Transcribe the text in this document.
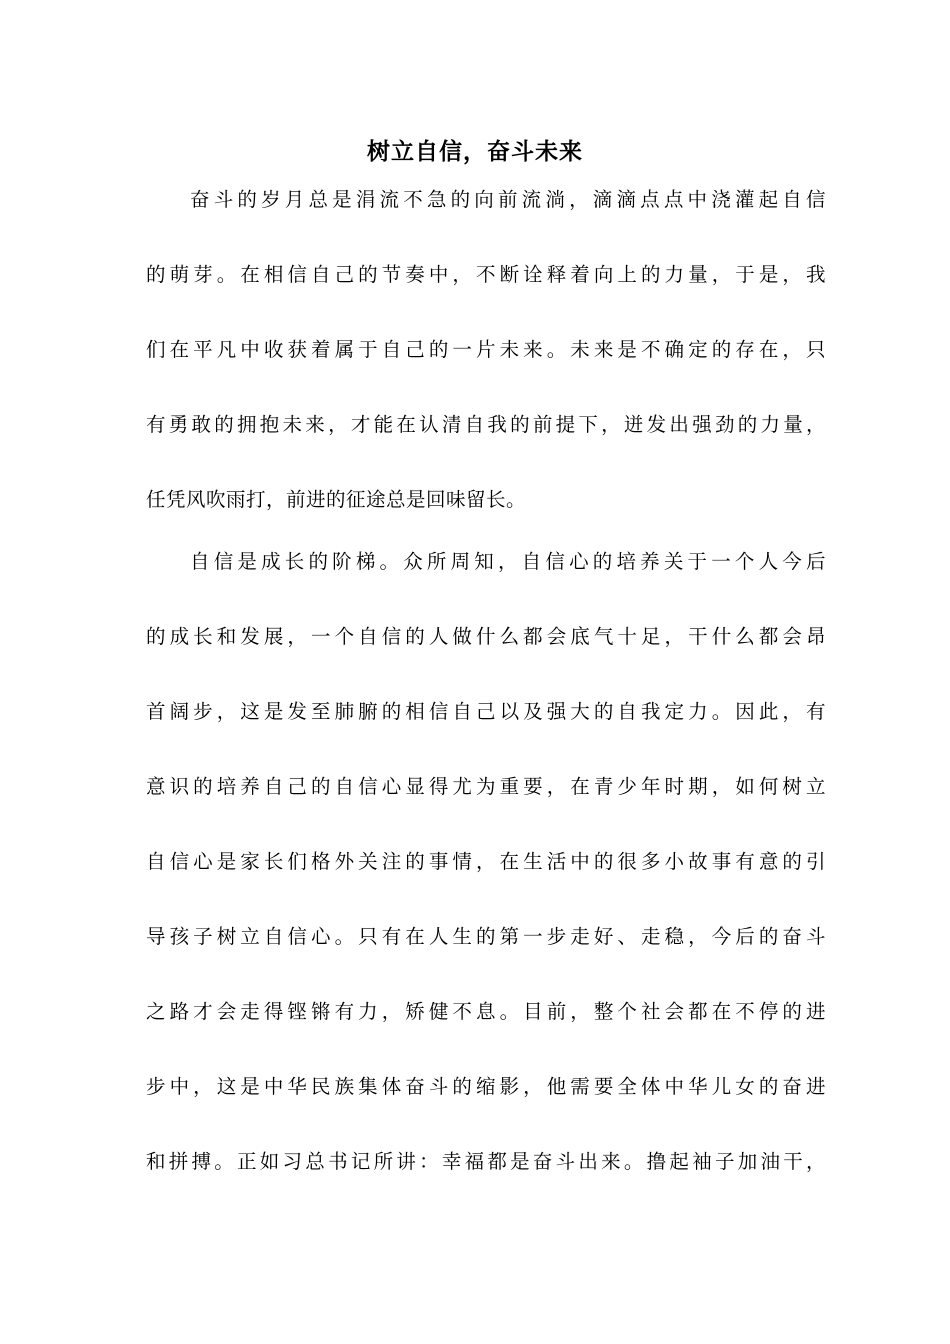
树立自信，奋斗未来
奋斗的岁月总是涓流不急的向前流淌，滴滴点点中浇灌起自信
的萌芽。在相信自己的节奏中，不断诠释着向上的力量，于是，我
们在平凡中收获着属于自己的一片未来。未来是不确定的存在，只
有勇敢的拥抱未来，才能在认清自我的前提下，迸发出强劲的力量，
任凭风吹雨打，前进的征途总是回味留长。
自信是成长的阶梯。众所周知，自信心的培养关于一个人今后
的成长和发展，一个自信的人做什么都会底气十足，干什么都会昂
首阔步，这是发至肺腑的相信自己以及强大的自我定力。因此，有
意识的培养自己的自信心显得尤为重要，在青少年时期，如何树立
自信心是家长们格外关注的事情，在生活中的很多小故事有意的引
导孩子树立自信心。只有在人生的第一步走好、走稳，今后的奋斗
之路才会走得铿锵有力，矫健不息。目前，整个社会都在不停的进
步中，这是中华民族集体奋斗的缩影，他需要全体中华儿女的奋进
和拼搏。正如习总书记所讲：幸福都是奋斗出来。撸起袖子加油干，
